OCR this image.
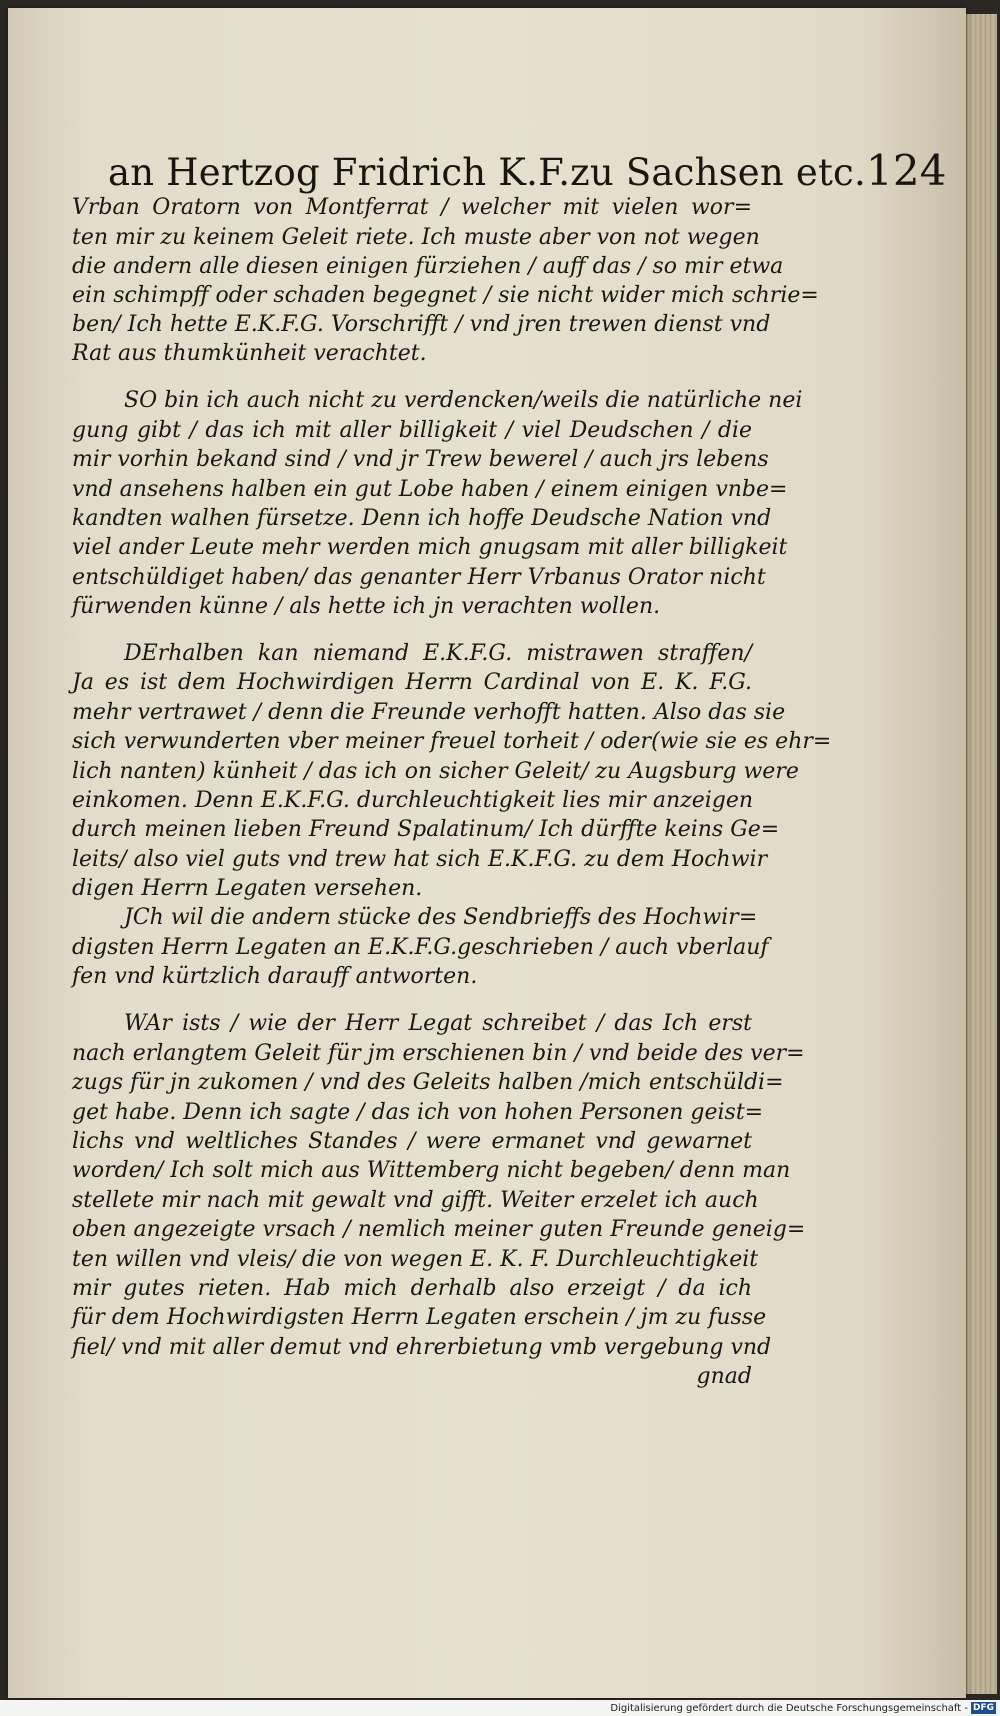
an Hertzog Fridrich K.F.zu Sachsen etc. 124
Vrban Oratorn von Montferrat / welcher mit vielen wor=
ten mir zu keinem Geleit riete. Ich muste aber von not wegen
die andern alle diesen einigen fürziehen / auff das / so mir etwa
ein schimpff oder schaden begegnet / sie nicht wider mich schrie=
ben/ Ich hette E.K.F.G. Vorschrifft / vnd jren trewen dienst vnd
Rat aus thumkünheit verachtet.
SO bin ich auch nicht zu verdencken/weils die natürliche nei
gung gibt / das ich mit aller billigkeit / viel Deudschen / die
mir vorhin bekand sind / vnd jr Trew bewerel / auch jrs lebens
vnd ansehens halben ein gut Lobe haben / einem einigen vnbe=
kandten walhen fürsetze. Denn ich hoffe Deudsche Nation vnd
viel ander Leute mehr werden mich gnugsam mit aller billigkeit
entschüldiget haben/ das genanter Herr Vrbanus Orator nicht
fürwenden künne / als hette ich jn verachten wollen.
DErhalben kan niemand E.K.F.G. mistrawen straffen/
Ja es ist dem Hochwirdigen Herrn Cardinal von E. K. F.G.
mehr vertrawet / denn die Freunde verhofft hatten. Also das sie
sich verwunderten vber meiner freuel torheit / oder(wie sie es ehr=
lich nanten) künheit / das ich on sicher Geleit/ zu Augsburg were
einkomen. Denn E.K.F.G. durchleuchtigkeit lies mir anzeigen
durch meinen lieben Freund Spalatinum/ Ich dürffte keins Ge=
leits/ also viel guts vnd trew hat sich E.K.F.G. zu dem Hochwir
digen Herrn Legaten versehen.
JCh wil die andern stücke des Sendbrieffs des Hochwir=
digsten Herrn Legaten an E.K.F.G.geschrieben / auch vberlauf
fen vnd kürtzlich darauff antworten.
WAr ists / wie der Herr Legat schreibet / das Ich erst
nach erlangtem Geleit für jm erschienen bin / vnd beide des ver=
zugs für jn zukomen / vnd des Geleits halben /mich entschüldi=
get habe. Denn ich sagte / das ich von hohen Personen geist=
lichs vnd weltliches Standes / were ermanet vnd gewarnet
worden/ Ich solt mich aus Wittemberg nicht begeben/ denn man
stellete mir nach mit gewalt vnd gifft. Weiter erzelet ich auch
oben angezeigte vrsach / nemlich meiner guten Freunde geneig=
ten willen vnd vleis/ die von wegen E. K. F. Durchleuchtigkeit
mir gutes rieten. Hab mich derhalb also erzeigt / da ich
für dem Hochwirdigsten Herrn Legaten erschein / jm zu fusse
fiel/ vnd mit aller demut vnd ehrerbietung vmb vergebung vnd
gnad
Digitalisierung gefördert durch die Deutsche Forschungsgemeinschaft - DFG
